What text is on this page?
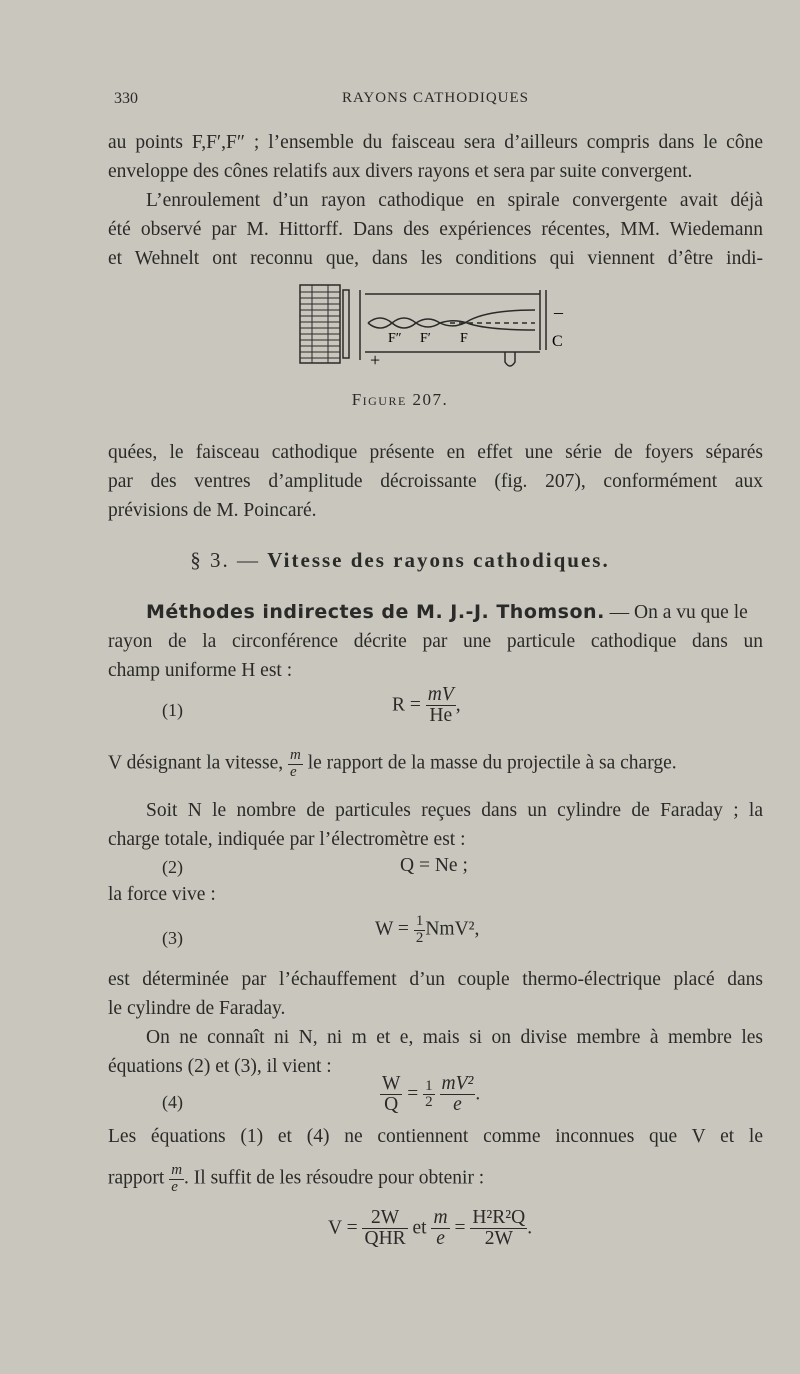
330	RAYONS CATHODIQUES
au points F,F′,F″ ; l’ensemble du faisceau sera d’ailleurs compris dans le cône
enveloppe des cônes relatifs aux divers rayons et sera par suite convergent.
L’enroulement d’un rayon cathodique en spirale convergente avait déjà
été observé par M. Hittorff. Dans des expériences récentes, MM. Wiedemann
et Wehnelt ont reconnu que, dans les conditions qui viennent d’être indi-
F″ F′ F
–
+
C
Figure 207.
quées, le faisceau cathodique présente en effet une série de foyers séparés
par des ventres d’amplitude décroissante (fig. 207), conformément aux
prévisions de M. Poincaré.
§ 3. — Vitesse des rayons cathodiques.
Méthodes indirectes de M. J.-J. Thomson. — On a vu que le
rayon de la circonférence décrite par une particule cathodique dans un
champ uniforme H est :
(1)	$R = \frac{mV}{He}$ ,
V désignant la vitesse, $\frac{m}{e}$ le rapport de la masse du projectile à sa charge.
Soit N le nombre de particules reçues dans un cylindre de Faraday ; la
charge totale, indiquée par l’électromètre est :
(2)	Q = Ne ;
la force vive :
(3)	$W = \frac{1}{2} NmV^2$,
est déterminée par l’échauffement d’un couple thermo-électrique placé dans
le cylindre de Faraday.
On ne connaît ni N, ni m et e, mais si on divise membre à membre les
équations (2) et (3), il vient :
(4)	$\frac{W}{Q} = \frac{1}{2}$
$\frac{\text{mV²}}{e}$ .
Les équations (1) et (4) ne contiennent comme inconnues que V et le
rapport $\frac{m}{e}$ . Il suffit de les résoudre pour obtenir :
$V = \frac{2W}{\text{QHR}}$ et $\frac{m}{e} = \frac{\text{H²R²Q}}{2W}$ .
